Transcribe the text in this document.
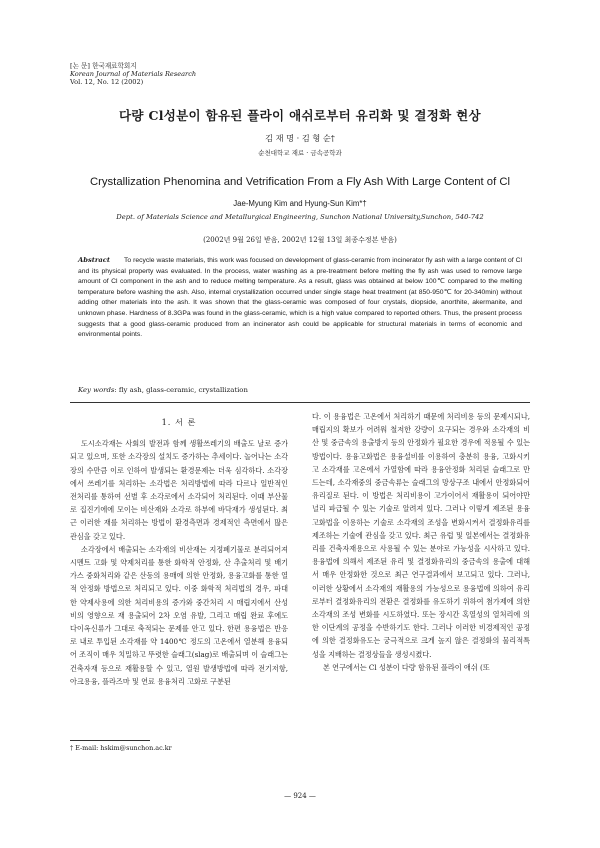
[논 문] 한국재료학회지
Korean Journal of Materials Research
Vol. 12, No. 12 (2002)
다량 Cl성분이 함유된 플라이 애쉬로부터 유리화 및 결정화 현상
김 재 명 · 김 형 순†
순천대학교 재료 · 금속공학과
Crystallization Phenomina and Vetrification From a Fly Ash With Large Content of Cl
Jae-Myung Kim and Hyung-Sun Kim*†
Dept. of Materials Science and Metallurgical Engineering, Sunchon National University,Sunchon, 540-742
(2002년 9월 26일 받음, 2002년 12월 13일 최종수정본 받음)
Abstract To recycle waste materials, this work was focused on development of glass-ceramic from incinerator fly ash with a large content of Cl and its physical property was evaluated. In the process, water washing as a pre-treatment before melting the fly ash was used to remove large amount of Cl component in the ash and to reduce melting temperature. As a result, glass was obtained at below 100℃ compared to the melting temperature before washing the ash. Also, internal crystallization occurred under single stage heat treatment (at 850-950℃ for 20-340min) without adding other materials into the ash. It was shown that the glass-ceramic was composed of four crystals, diopside, anorthite, akermanite, and unknown phase. Hardness of 8.3GPa was found in the glass-ceramic, which is a high value compared to reported others. Thus, the present process suggests that a good glass-ceramic produced from an incinerator ash could be applicable for structural materials in terms of economic and environmental points.
Key words: fly ash, glass-ceramic, crystallization
1. 서 론

도시소각재는 사회의 발전과 함께 생활쓰레기의 배출도 날로 증가되고 있으며, 또한 소각장의 설치도 증가하는 추세이다. 놀어나는 소각장의 수만큼 이로 인하여 발생되는 환경문제는 더욱 심각하다. 소각장에서 쓰레기를 처리하는 소각법은 처리방법에 따라 다르나 일반적인 전처리를 통하여 선별 후 소각로에서 소각되어 처리된다. 이때 부산물로 집진기에에 모이는 비산재와 소각로 하부에 바닥재가 생성된다. 최근 이러한 재를 처리하는 방법이 환경측면과 경제적인 측면에서 많은 관심을 갖고 있다.

소각장에서 배출되는 소각재의 비산재는 지정폐기물로 분리되어져 시멘트 고화 및 약제처리를 통한 화학적 안정화, 산 추출처리 및 배기가스 중화처리와 같은 산동의 용매에 의한 안정화, 용융고화를 통한 열적 안정화 방법으로 처리되고 있다. 이중 화학적 처리법의 경우, 파대한 약제사용에 의한 처리비용의 증가와 중간처리 시 매립지에서 산성비의 영향으로 재 용출되어 2차 오염 유발, 그리고 매립 완료 후에도 다이옥신류가 그대로 축적되는 문제를 안고 있다. 한편 용융법은 반응로 내로 투입된 소각재를 약 1400℃ 정도의 고온에서 열분해 용융되어 조직이 매우 치밀하고 뚜렷한 슬래그(slag)로 배출되며 이 슬래그는 건축자재 등으로 재활용할 수 있고, 열원 발생방법에 따라 전기저항, 아크용융, 플라즈마 및 연료 용융처리 고화로 구분된

다. 이 용융법은 고온에서 처리하기 때문에 처리비용 등의 문제시되나, 매립지의 확보가 어려워 철저한 강량이 요구되는 경우와 소각재의 비산 및 중금속의 용출방지 등의 안정화가 필요한 경우에 적용될 수 있는 방법이다. 용융고화법은 용융설비를 이용하여 충분히 용융, 고화시키고 소각재를 고온에서 가열함에 따라 용융안정화 처리된 슬래그로 만드는데, 소각재중의 중금속류는 슬래그의 망상구조 내에서 안정화되어 유리질로 된다. 이 방법은 처리비용이 고가이어서 재활용이 되어야만 널리 파급될 수 있는 기술로 알려져 있다. 그러나 이렇게 제조된 용융 고화법을 이용하는 기술로 소각재의 조성을 변화시켜서 결정화유리를 제조하는 기술에 관심을 갖고 있다. 최근 유럽 및 일본에서는 결정화유리를 건축자재용으로 사용될 수 있는 분야로 가능성을 시사하고 있다. 용융법에 의해서 제조된 유리 및 결정화유리의 중금속의 용출에 대해서 매우 안정화한 것으로 최근 연구결과에서 보고되고 있다. 그러나, 이러한 상황에서 소각재의 재활용의 가능성으로 용융법에 의하여 유리로부터 결정화유리의 전환은 결정화를 유도하기 위하여 첨가제에 의한 소각재의 조성 변화를 시도하였다. 또는 장시간 혹열성의 열처리에 의한 이단계의 공정을 수반하기도 한다. 그러나 이러한 비경제적인 공정에 의한 결정화유도는 궁극적으로 크게 높지 않은 결정화의 물리적특성을 지배하는 결정상들을 생성시켰다.

본 연구에서는 Cl 성분이 다량 함유된 플라이 애쉬 (또

† E-mail: hskim@sunchon.ac.kr
— 924 —
